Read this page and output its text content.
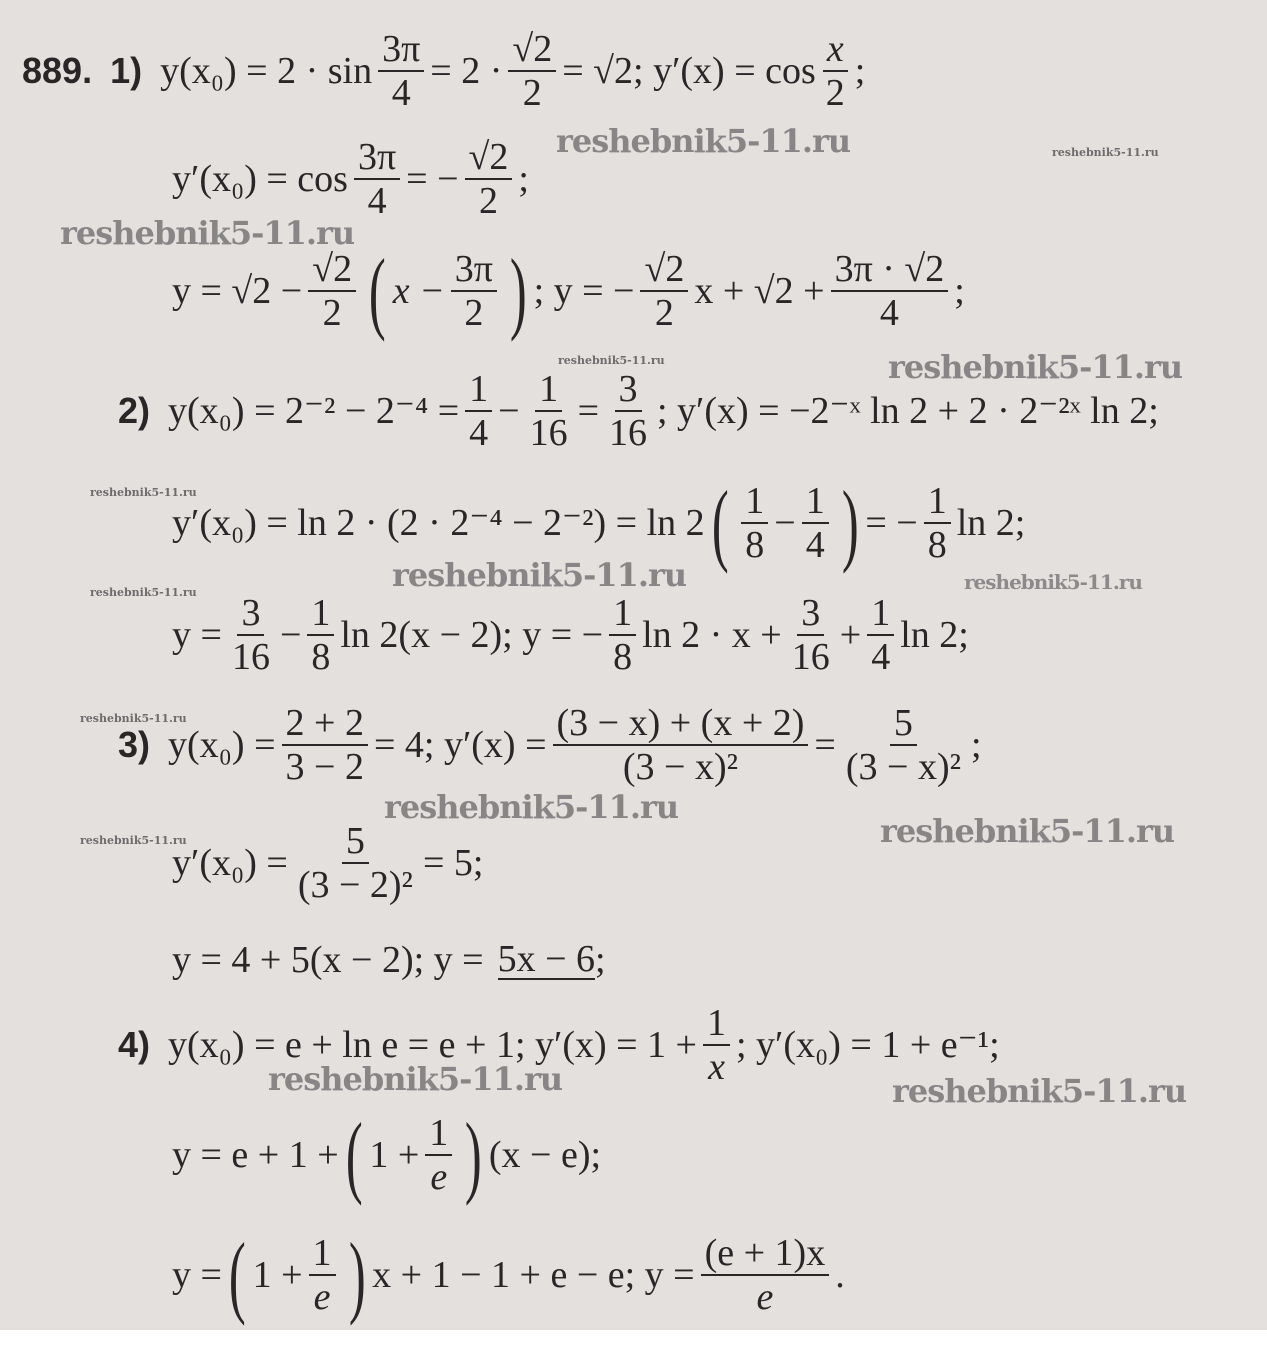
889. 1) $y(x_0) = 2 \cdot \sin \frac{3\pi}{4} = 2 \cdot \frac{√2}{2} = √2$; $y'(x) = \cos \frac{x}{2}$ ;
$y'(x_0) = \cos \frac{3\pi}{4}$ = − $\frac{√2}{2}$ ;
$y = √2 - \frac{√2}{2}$ ( $x - \frac{3\pi}{2}$ ) ; y = − $\frac{√2}{2}$ $x + √2 + \frac{3\pi \cdot √2}{4}$ ;
2) $y(x_0) = 2^{-2} - 2^{-4} = \frac{1}{4} - \frac{1}{16} = \frac{3}{16}$ ; y′(x) = −2⁻ˣ ln 2 + 2 · 2⁻²ˣ ln 2;
y′(x₀) = ln 2 · (2 · 2⁻⁴ − 2⁻²) = ln 2 ( $\frac{1}{8} - \frac{1}{4}$ ) = − $\frac{1}{8}$ ln 2;
$y = \frac{3}{16} - \frac{1}{8}$ ln 2(x − 2); y = − $\frac{1}{8}$ $\ln 2 \cdot x + \frac{3}{16} + \frac{1}{4}$ ln 2;
3) $y(x_0) = \frac{2 + 2}{3 - 2} = 4$; $y'(x) = \frac{(3 - x) + (x + 2)}{\text{(3 − x)²}} = \frac{5}{\text{(3 − x)²}}$ ;
$y'(x_0) = \frac{5}{\text{(3 − 2)²}} = 5$;
y = 4 + 5(x − 2); y = 5x − 6 ;
4) y(x₀) = e + ln e = e + 1; $y'(x) = 1 + \frac{1}{x}$ ; y′(x₀) = 1 + e⁻¹;
y = e + 1 + ( $1 + \frac{1}{e}$ ) (x − e);
y = ( $1 + \frac{1}{e}$ ) x + 1 − 1 + e − e; $y = \frac{(e + 1)x}{e}$ .
reshebnik5-11.ru	reshebnik5-11.ru
reshebnik5-11.ru
reshebnik5-11.ru	reshebnik5-11.ru
reshebnik5-11.ru
reshebnik5-11.ru
reshebnik5-11.ru	reshebnik5-11.ru
reshebnik5-11.ru
reshebnik5-11.ru
reshebnik5-11.ru
reshebnik5-11.ru
reshebnik5-11.ru	reshebnik5-11.ru
